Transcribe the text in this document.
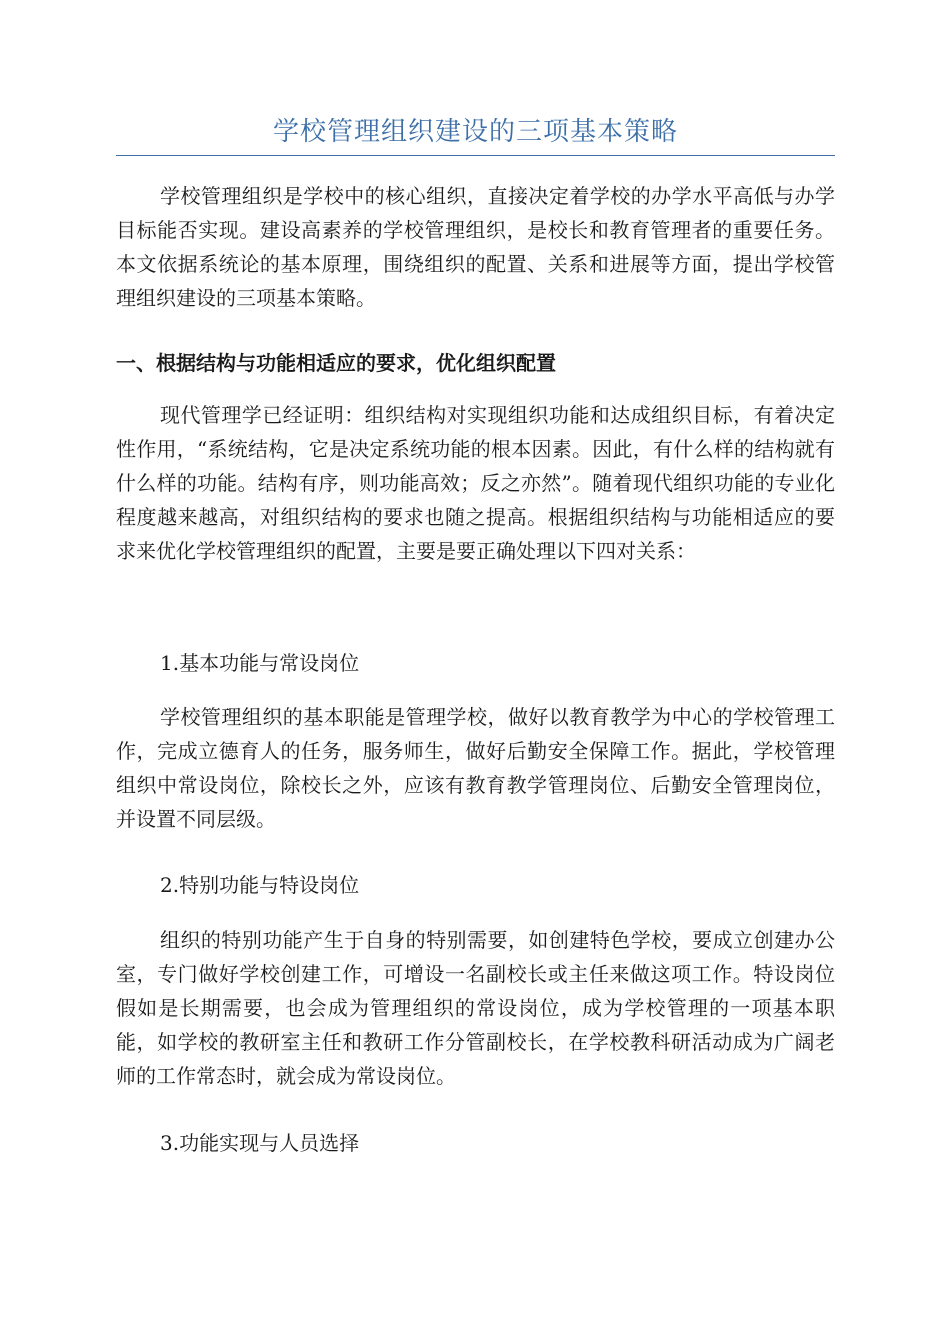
学校管理组织建设的三项基本策略

学校管理组织是学校中的核心组织，直接决定着学校的办学水平高低与办学目标能否实现。建设高素养的学校管理组织，是校长和教育管理者的重要任务。本文依据系统论的基本原理，围绕组织的配置、关系和进展等方面，提出学校管理组织建设的三项基本策略。

一、根据结构与功能相适应的要求，优化组织配置

现代管理学已经证明：组织结构对实现组织功能和达成组织目标，有着决定性作用，“系统结构，它是决定系统功能的根本因素。因此，有什么样的结构就有什么样的功能。结构有序，则功能高效；反之亦然”。随着现代组织功能的专业化程度越来越高，对组织结构的要求也随之提高。根据组织结构与功能相适应的要求来优化学校管理组织的配置，主要是要正确处理以下四对关系：

1.基本功能与常设岗位

学校管理组织的基本职能是管理学校，做好以教育教学为中心的学校管理工作，完成立德育人的任务，服务师生，做好后勤安全保障工作。据此，学校管理组织中常设岗位，除校长之外，应该有教育教学管理岗位、后勤安全管理岗位，并设置不同层级。

2.特别功能与特设岗位

组织的特别功能产生于自身的特别需要，如创建特色学校，要成立创建办公室，专门做好学校创建工作，可增设一名副校长或主任来做这项工作。特设岗位假如是长期需要，也会成为管理组织的常设岗位，成为学校管理的一项基本职能，如学校的教研室主任和教研工作分管副校长，在学校教科研活动成为广阔老师的工作常态时，就会成为常设岗位。

3.功能实现与人员选择
